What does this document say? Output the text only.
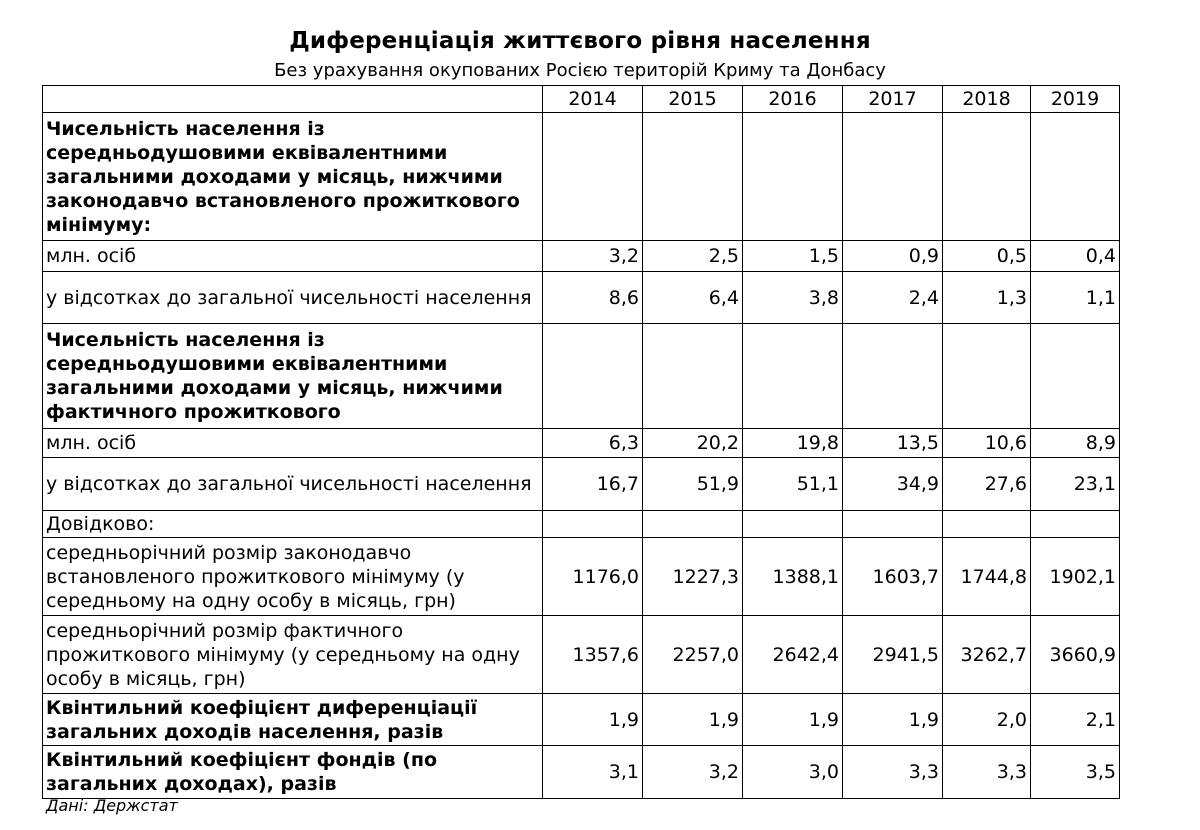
Диференціація життєвого рівня населення
Без урахування окупованих Росією територій Криму та Донбасу
	2014	2015	2016	2017	2018	2019
Чисельність населення із середньодушовими еквівалентними загальними доходами у місяць, нижчими законодавчо встановленого прожиткового мінімуму:						
млн. осіб	3,2	2,5	1,5	0,9	0,5	0,4
у відсотках до загальної чисельності населення	8,6	6,4	3,8	2,4	1,3	1,1
Чисельність населення із середньодушовими еквівалентними загальними доходами у місяць, нижчими фактичного прожиткового						
млн. осіб	6,3	20,2	19,8	13,5	10,6	8,9
у відсотках до загальної чисельності населення	16,7	51,9	51,1	34,9	27,6	23,1
Довідково:						
середньорічний розмір законодавчо встановленого прожиткового мінімуму (у середньому на одну особу в місяць, грн)	1176,0	1227,3	1388,1	1603,7	1744,8	1902,1
середньорічний розмір фактичного прожиткового мінімуму (у середньому на одну особу в місяць, грн)	1357,6	2257,0	2642,4	2941,5	3262,7	3660,9
Квінтильний коефіцієнт диференціації загальних доходів населення, разів	1,9	1,9	1,9	1,9	2,0	2,1
Квінтильний коефіцієнт фондів (по загальних доходах), разів	3,1	3,2	3,0	3,3	3,3	3,5
Дані: Держстат
